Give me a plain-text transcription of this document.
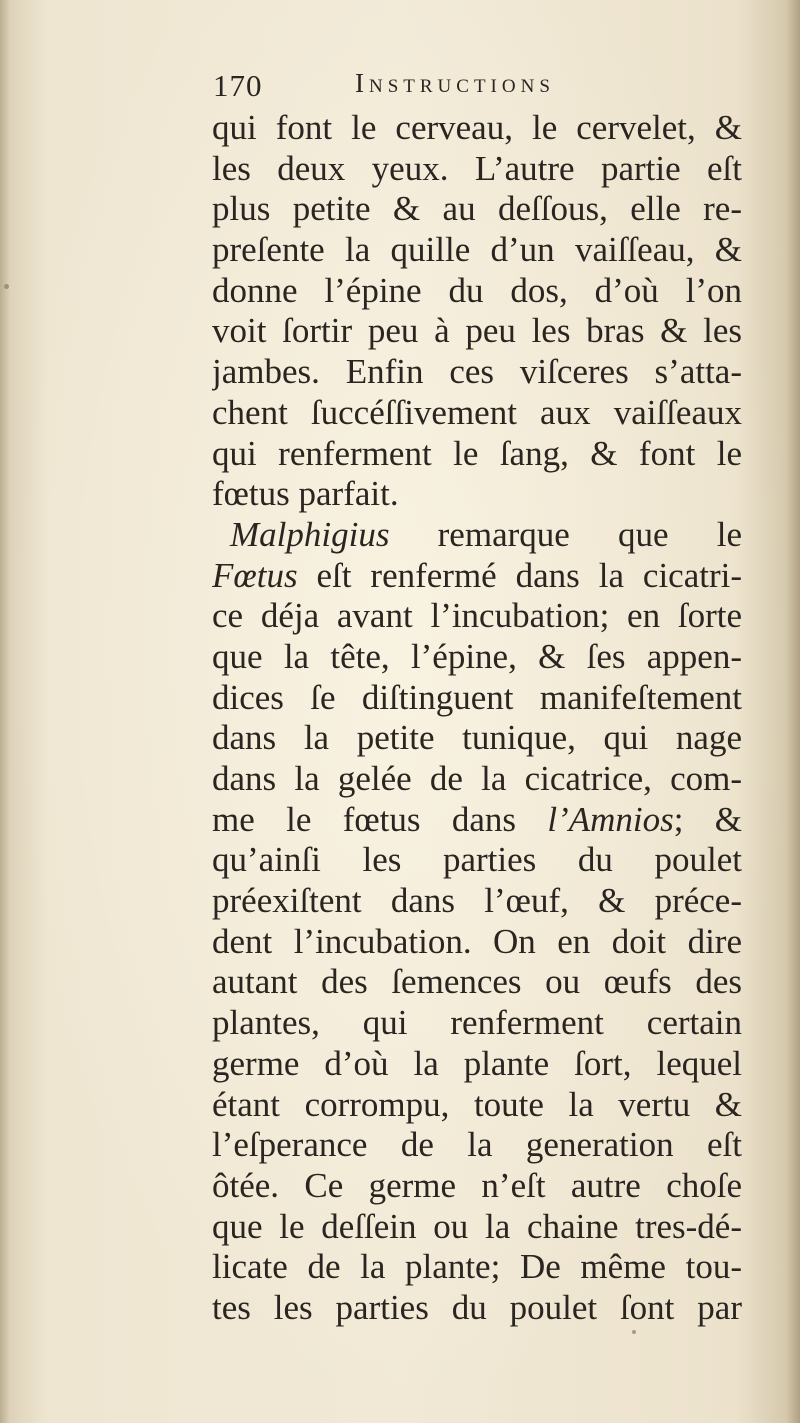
170	Instructions
qui font le cerveau, le cervelet, &
les deux yeux. L’autre partie eſt
plus petite & au deſſous, elle re-
preſente la quille d’un vaiſſeau, &
donne l’épine du dos, d’où l’on
voit ſortir peu à peu les bras & les
jambes. Enfin ces viſceres s’atta-
chent ſuccéſſivement aux vaiſſeaux
qui renferment le ſang, & font le
fœtus parfait.
Malphigius remarque que le
Fœtus eſt renfermé dans la cicatri-
ce déja avant l’incubation; en ſorte
que la tête, l’épine, & ſes appen-
dices ſe diſtinguent manifeſtement
dans la petite tunique, qui nage
dans la gelée de la cicatrice, com-
me le fœtus dans l’Amnios; &
qu’ainſi les parties du poulet
préexiſtent dans l’œuf, & préce-
dent l’incubation. On en doit dire
autant des ſemences ou œufs des
plantes, qui renferment certain
germe d’où la plante ſort, lequel
étant corrompu, toute la vertu &
l’eſperance de la generation eſt
ôtée. Ce germe n’eſt autre choſe
que le deſſein ou la chaine tres-dé-
licate de la plante; De même tou-
tes les parties du poulet ſont par
